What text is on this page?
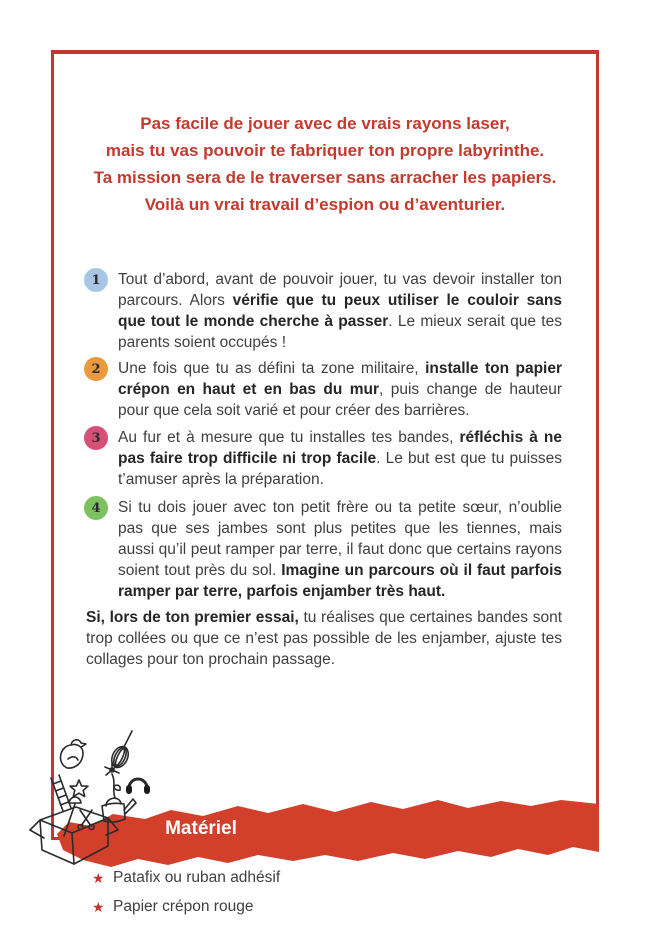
Pas facile de jouer avec de vrais rayons laser,
mais tu vas pouvoir te fabriquer ton propre labyrinthe.
Ta mission sera de le traverser sans arracher les papiers.
Voilà un vrai travail d’espion ou d’aventurier.
1	Tout d’abord, avant de pouvoir jouer, tu vas devoir installer ton parcours. Alors vérifie que tu peux utiliser le couloir sans que tout le monde cherche à passer. Le mieux serait que tes parents soient occupés !
2	Une fois que tu as défini ta zone militaire, installe ton papier crépon en haut et en bas du mur, puis change de hauteur pour que cela soit varié et pour créer des barrières.
3	Au fur et à mesure que tu installes tes bandes, réfléchis à ne pas faire trop difficile ni trop facile. Le but est que tu puisses t’amuser après la préparation.
4	Si tu dois jouer avec ton petit frère ou ta petite sœur, n’oublie pas que ses jambes sont plus petites que les tiennes, mais aussi qu’il peut ramper par terre, il faut donc que certains rayons soient tout près du sol. Imagine un parcours où il faut parfois ramper par terre, parfois enjamber très haut.
Si, lors de ton premier essai, tu réalises que certaines bandes sont trop collées ou que ce n’est pas possible de les enjamber, ajuste tes collages pour ton prochain passage.
Matériel
★ Patafix ou ruban adhésif
★ Papier crépon rouge
